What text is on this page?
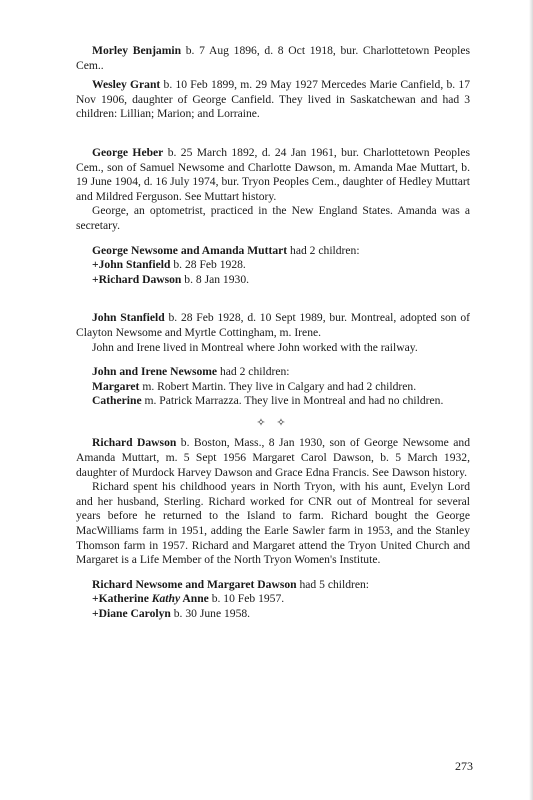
Morley Benjamin b. 7 Aug 1896, d. 8 Oct 1918, bur. Charlottetown Peoples Cem..

Wesley Grant b. 10 Feb 1899, m. 29 May 1927 Mercedes Marie Canfield, b. 17 Nov 1906, daughter of George Canfield. They lived in Saskatchewan and had 3 children: Lillian; Marion; and Lorraine.

George Heber b. 25 March 1892, d. 24 Jan 1961, bur. Charlottetown Peoples Cem., son of Samuel Newsome and Charlotte Dawson, m. Amanda Mae Muttart, b. 19 June 1904, d. 16 July 1974, bur. Tryon Peoples Cem., daughter of Hedley Muttart and Mildred Ferguson. See Muttart history.

George, an optometrist, practiced in the New England States. Amanda was a secretary.

George Newsome and Amanda Muttart had 2 children:

+John Stanfield b. 28 Feb 1928.

+Richard Dawson b. 8 Jan 1930.

John Stanfield b. 28 Feb 1928, d. 10 Sept 1989, bur. Montreal, adopted son of Clayton Newsome and Myrtle Cottingham, m. Irene.

John and Irene lived in Montreal where John worked with the railway.

John and Irene Newsome had 2 children:

Margaret m. Robert Martin. They live in Calgary and had 2 children.

Catherine m. Patrick Marrazza. They live in Montreal and had no children.

✧ ✧

Richard Dawson b. Boston, Mass., 8 Jan 1930, son of George Newsome and Amanda Muttart, m. 5 Sept 1956 Margaret Carol Dawson, b. 5 March 1932, daughter of Murdock Harvey Dawson and Grace Edna Francis. See Dawson history.

Richard spent his childhood years in North Tryon, with his aunt, Evelyn Lord and her husband, Sterling. Richard worked for CNR out of Montreal for several years before he returned to the Island to farm. Richard bought the George MacWilliams farm in 1951, adding the Earle Sawler farm in 1953, and the Stanley Thomson farm in 1957. Richard and Margaret attend the Tryon United Church and Margaret is a Life Member of the North Tryon Women's Institute.

Richard Newsome and Margaret Dawson had 5 children:

+Katherine Kathy Anne b. 10 Feb 1957.

+Diane Carolyn b. 30 June 1958.

273
